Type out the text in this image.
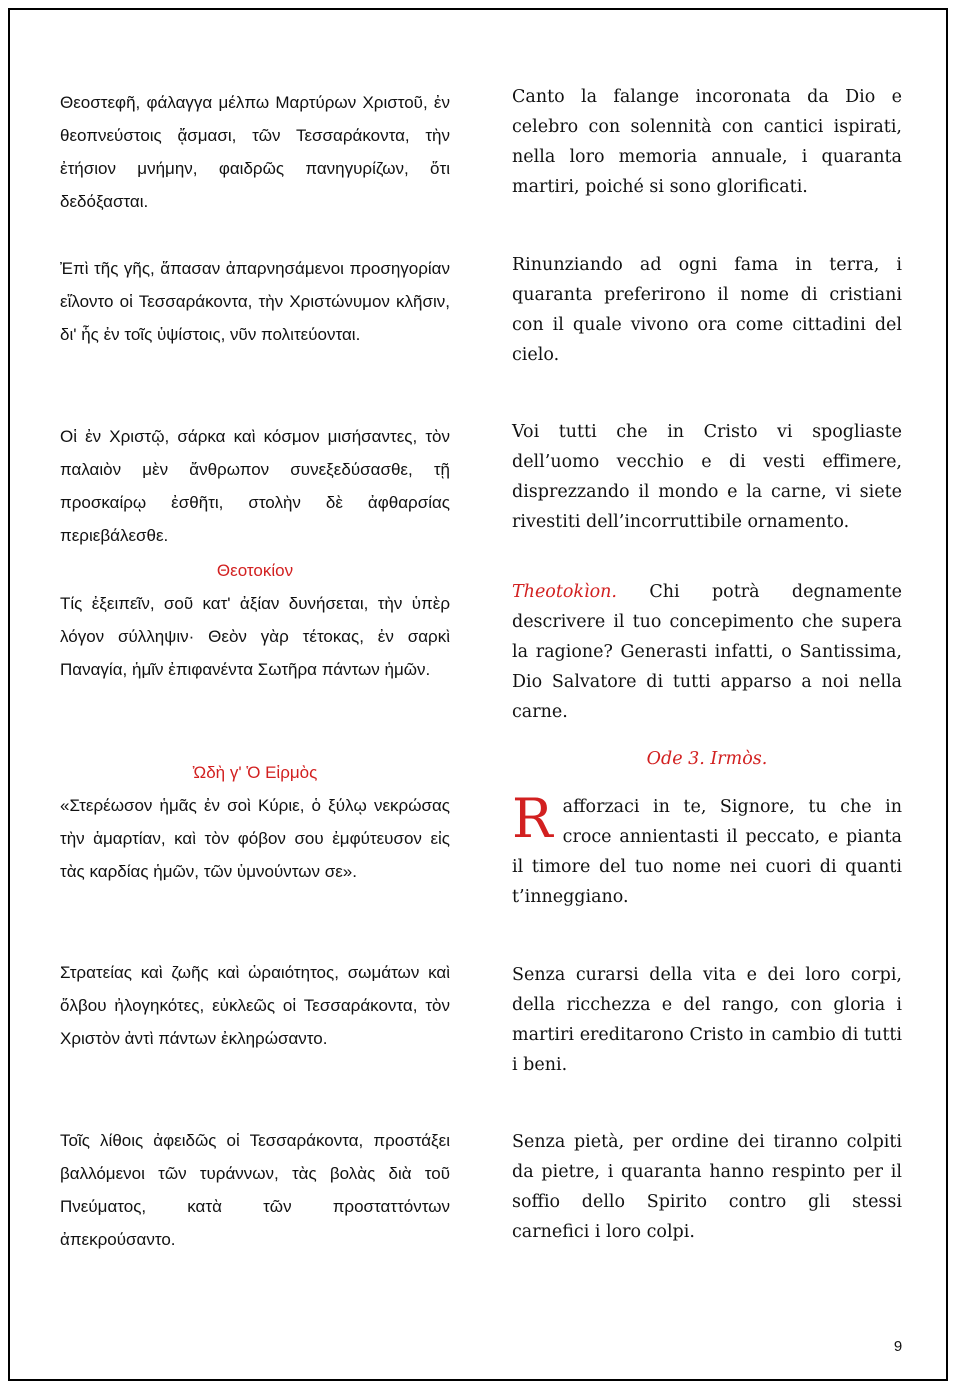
Θεοστεφῆ, φάλαγγα μέλπω Μαρτύρων Χριστοῦ, ἐν θεοπνεύστοις ᾄσμασι, τῶν Τεσσαράκοντα, τὴν ἐτήσιον μνήμην, φαιδρῶς πανηγυρίζων, ὅτι δεδόξασται.
Canto la falange incoronata da Dio e celebro con solennità con cantici ispirati, nella loro memoria annuale, i quaranta martiri, poiché si sono glorificati.
Ἐπὶ τῆς γῆς, ἅπασαν ἀπαρνησάμενοι προσηγορίαν εἵλοντο οἱ Τεσσαράκοντα, τὴν Χριστώνυμον κλῆσιν, δι' ἧς ἐν τοῖς ὑψίστοις, νῦν πολιτεύονται.
Rinunziando ad ogni fama in terra, i quaranta preferirono il nome di cristiani con il quale vivono ora come cittadini del cielo.
Οἱ ἐν Χριστῷ, σάρκα καὶ κόσμον μισήσαντες, τὸν παλαιὸν μὲν ἄνθρωπον συνεξεδύσασθε, τῇ προσκαίρῳ ἐσθῆτι, στολὴν δὲ ἀφθαρσίας περιεβάλεσθε.
Voi tutti che in Cristo vi spogliaste dell’uomo vecchio e di vesti effimere, disprezzando il mondo e la carne, vi siete rivestiti dell’incorruttibile ornamento.
Θεοτοκίον
Τίς ἐξειπεῖν, σοῦ κατ' ἀξίαν δυνήσεται, τὴν ὑπὲρ λόγον σύλληψιν· Θεὸν γὰρ τέτοκας, ἐν σαρκὶ Παναγία, ἡμῖν ἐπιφανέντα Σωτῆρα πάντων ἡμῶν.
Theotokìon. Chi potrà degnamente descrivere il tuo concepimento che supera la ragione? Generasti infatti, o Santissima, Dio Salvatore di tutti apparso a noi nella carne.
Ὠδὴ γ' Ὁ Εἱρμὸς
«Στερέωσον ἡμᾶς ἐν σοὶ Κύριε, ὁ ξύλῳ νεκρώσας τὴν ἁμαρτίαν, καὶ τὸν φόβον σου ἐμφύτευσον εἰς τὰς καρδίας ἡμῶν, τῶν ὑμνούντων σε».
Ode 3. Irmòs.
R afforzaci in te, Signore, tu che in croce annientasti il peccato, e pianta il timore del tuo nome nei cuori di quanti t’inneggiano.
Στρατείας καὶ ζωῆς καὶ ὡραιότητος, σωμάτων καὶ ὄλβου ἠλογηκότες, εὐκλεῶς οἱ Τεσσαράκοντα, τὸν Χριστὸν ἀντὶ πάντων ἐκληρώσαντο.
Senza curarsi della vita e dei loro corpi, della ricchezza e del rango, con gloria i martiri ereditarono Cristo in cambio di tutti i beni.
Τοῖς λίθοις ἀφειδῶς οἱ Τεσσαράκοντα, προστάξει βαλλόμενοι τῶν τυράννων, τὰς βολὰς διὰ τοῦ Πνεύματος, κατὰ τῶν προσταττόντων ἀπεκρούσαντο.
Senza pietà, per ordine dei tiranno colpiti da pietre, i quaranta hanno respinto per il soffio dello Spirito contro gli stessi carnefici i loro colpi.
9
